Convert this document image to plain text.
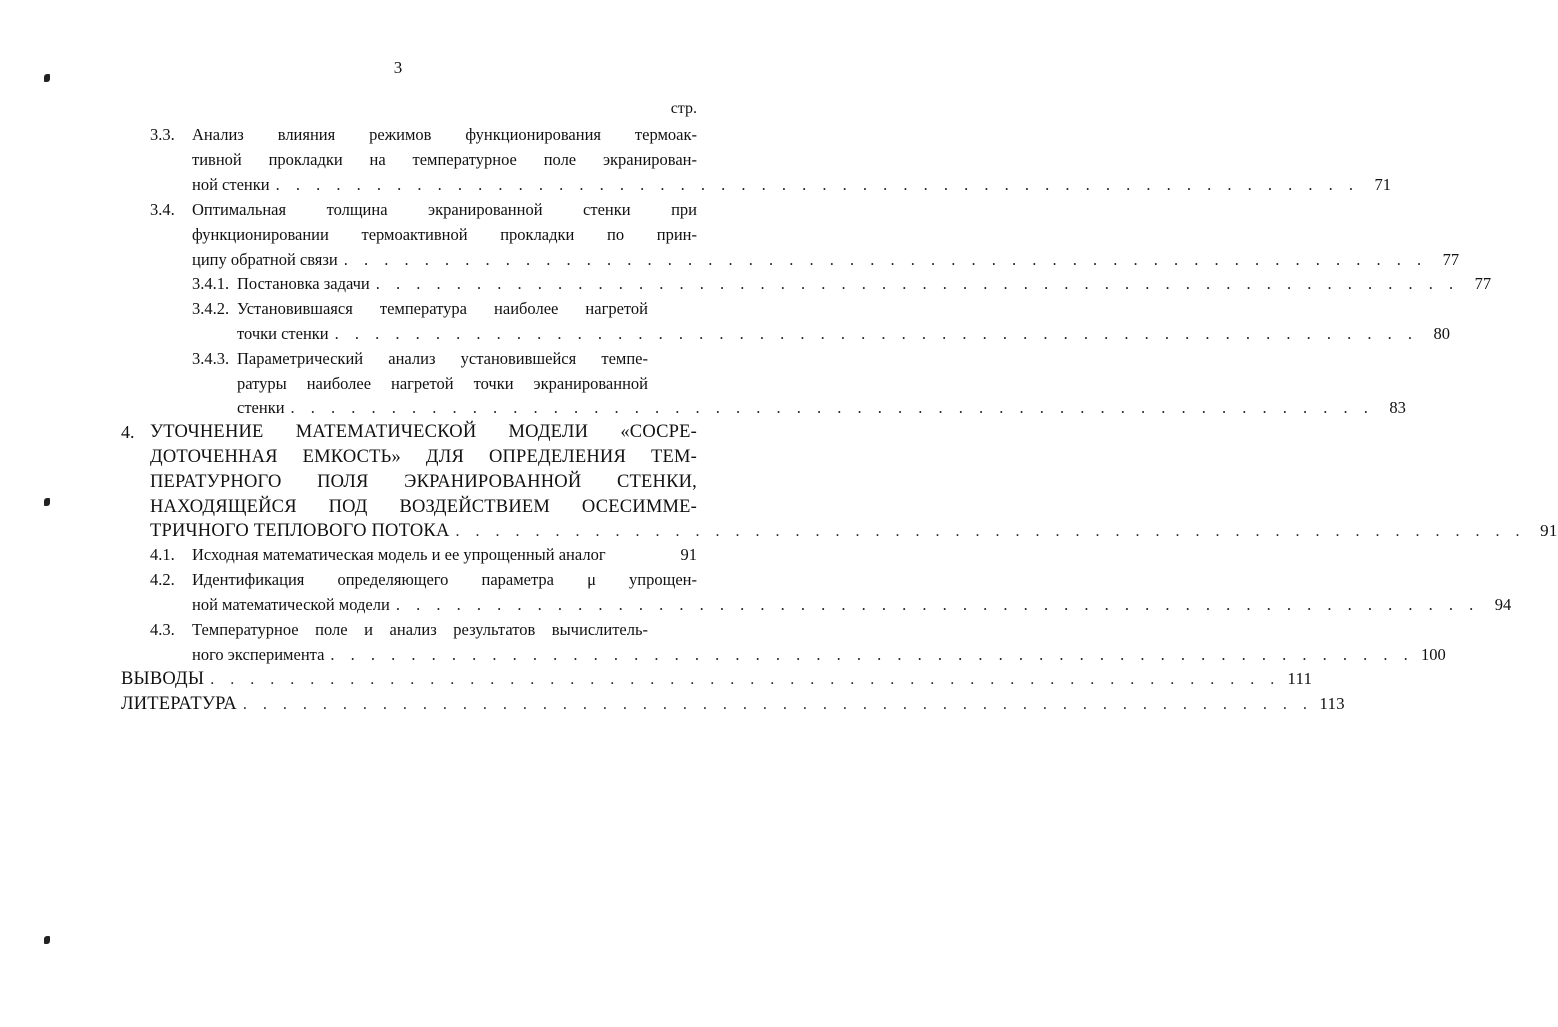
3
стр.
3.3. Анализ влияния режимов функционирования термоак-
тивной прокладки на температурное поле экранирован-
ной стенки . . . . . . . . . . . . . . . . . . . . . . . . . . . . . . . . . . . . . . . . . . . . . . . . . . . . . . 71
3.4. Оптимальная толщина экранированной стенки при
функционировании термоактивной прокладки по прин-
ципу обратной связи . . . . . . . . . . . . . . . . . . . . . . . . . . . . . . . . . . . . . . . . . . . . . . . . . . . . . . 77
3.4.1. Постановка задачи . . . . . . . . . . . . . . . . . . . . . . . . . . . . . . . . . . . . . . . . . . . . . . . . . . . . . . 77
3.4.2. Установившаяся температура наиболее нагретой
точки стенки . . . . . . . . . . . . . . . . . . . . . . . . . . . . . . . . . . . . . . . . . . . . . . . . . . . . . . 80
3.4.3. Параметрический анализ установившейся темпе-
ратуры наиболее нагретой точки экранированной
стенки . . . . . . . . . . . . . . . . . . . . . . . . . . . . . . . . . . . . . . . . . . . . . . . . . . . . . . 83
4. УТОЧНЕНИЕ МАТЕМАТИЧЕСКОЙ МОДЕЛИ «СОСРЕ-
ДОТОЧЕННАЯ ЕМКОСТЬ» ДЛЯ ОПРЕДЕЛЕНИЯ ТЕМ-
ПЕРАТУРНОГО ПОЛЯ ЭКРАНИРОВАННОЙ СТЕНКИ,
НАХОДЯЩЕЙСЯ ПОД ВОЗДЕЙСТВИЕМ ОСЕСИММЕ-
ТРИЧНОГО ТЕПЛОВОГО ПОТОКА . . . . . . . . . . . . . . . . . . . . . . . . . . . . . . . . . . . . . . . . . . . . . . . . . . . . . . 91
4.1. Исходная математическая модель и ее упрощенный аналог	91
4.2. Идентификация определяющего параметра μ упрощен-
ной математической модели . . . . . . . . . . . . . . . . . . . . . . . . . . . . . . . . . . . . . . . . . . . . . . . . . . . . . . 94
4.3. Температурное поле и анализ результатов вычислитель-
ного эксперимента . . . . . . . . . . . . . . . . . . . . . . . . . . . . . . . . . . . . . . . . . . . . . . . . . . . . . . 100
ВЫВОДЫ . . . . . . . . . . . . . . . . . . . . . . . . . . . . . . . . . . . . . . . . . . . . . . . . . . . . . . 111
ЛИТЕРАТУРА . . . . . . . . . . . . . . . . . . . . . . . . . . . . . . . . . . . . . . . . . . . . . . . . . . . . . . 113
